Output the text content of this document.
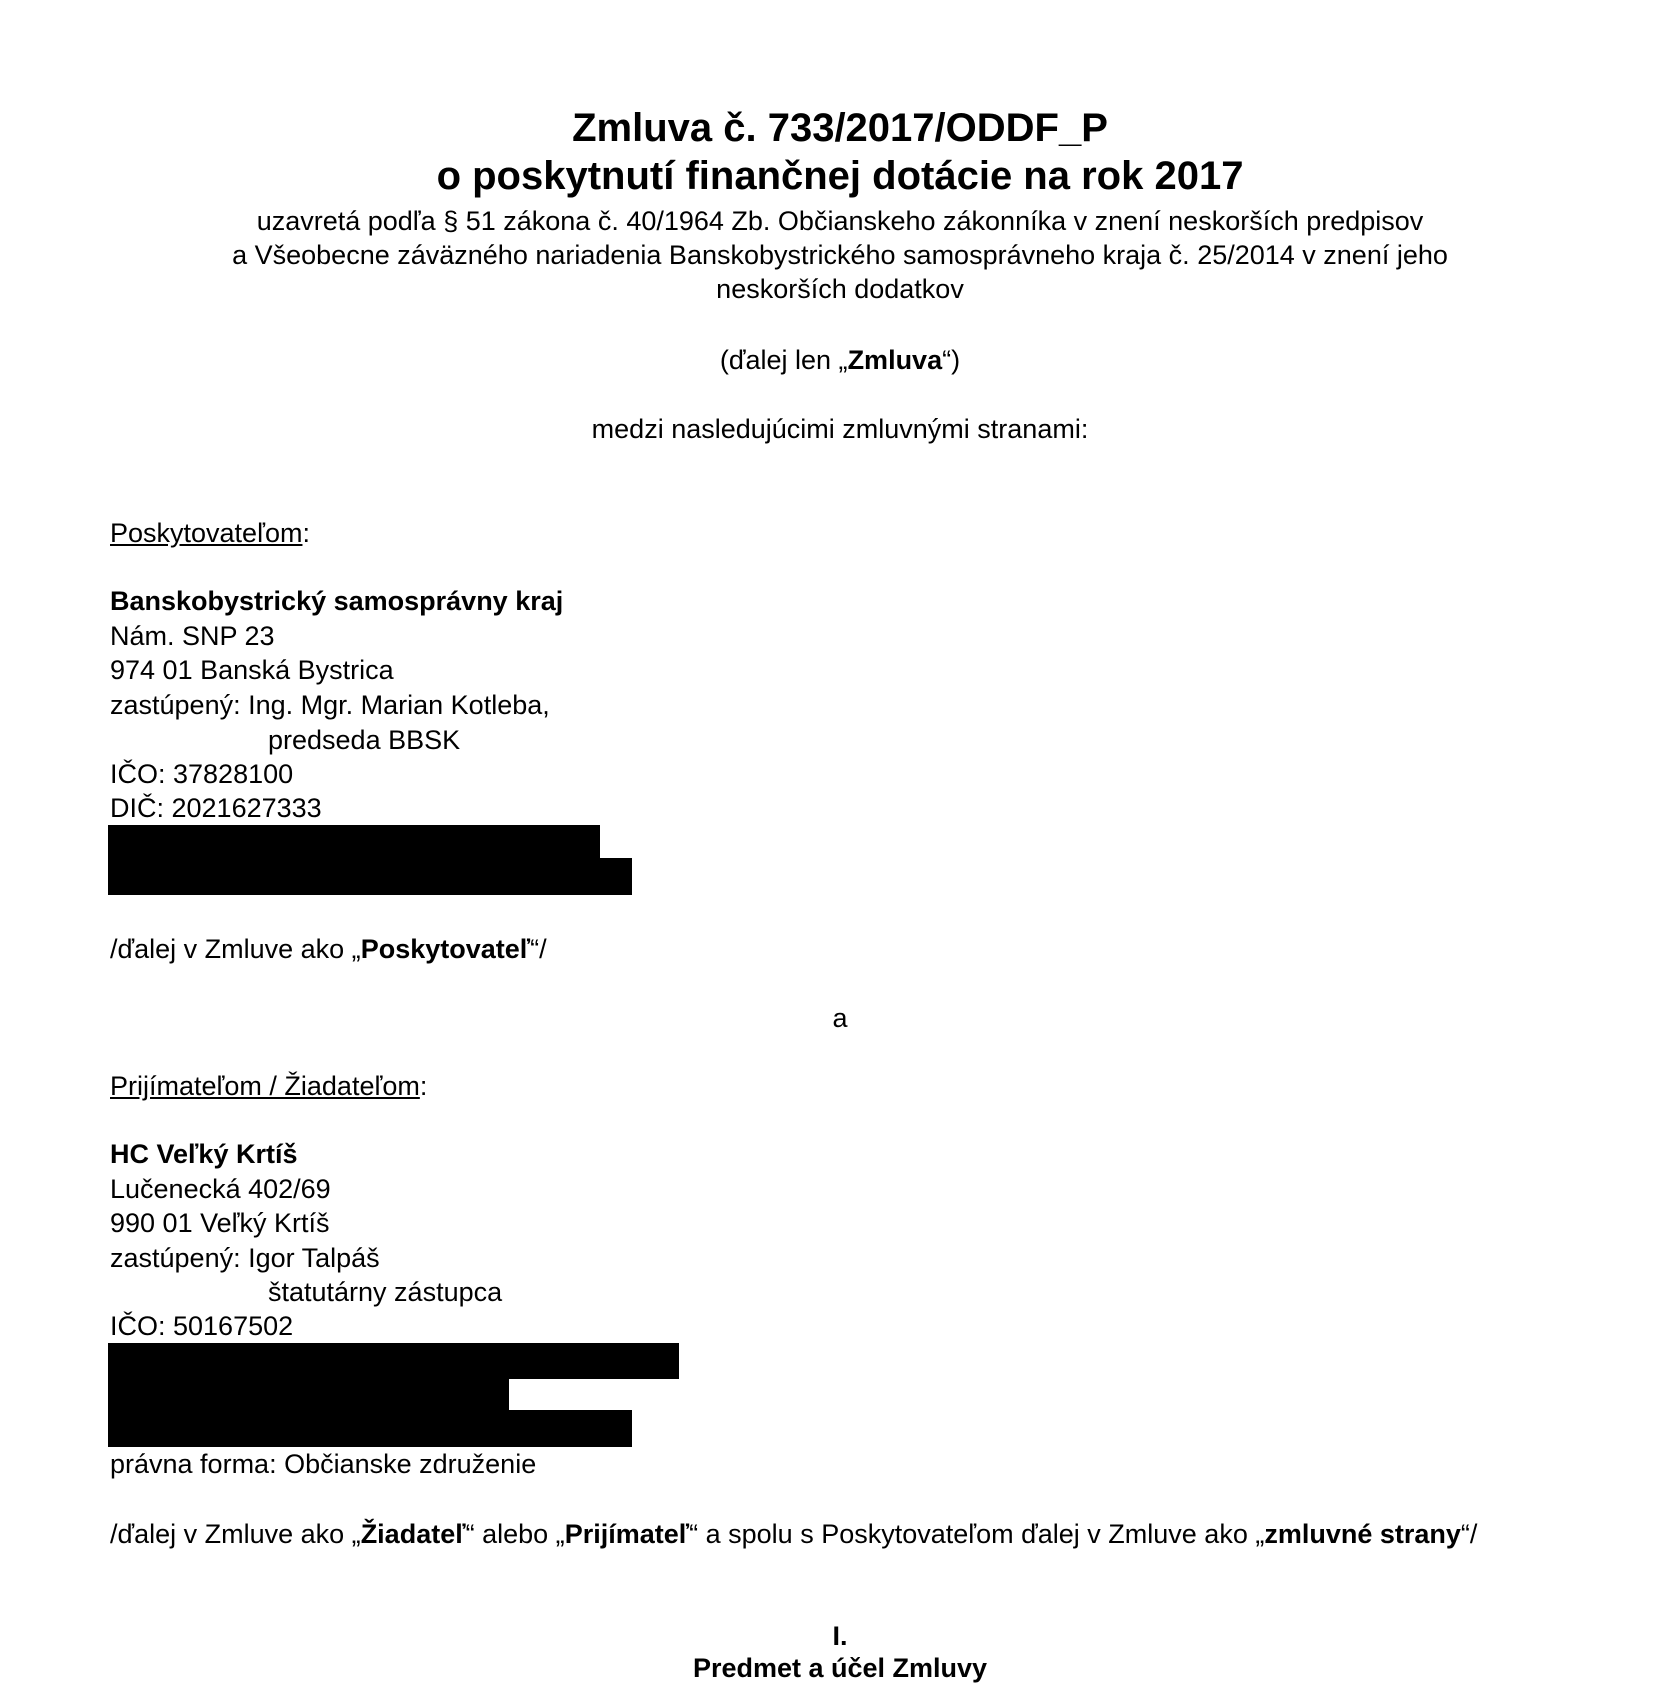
Zmluva č. 733/2017/ODDF_P
o poskytnutí finančnej dotácie na rok 2017
uzavretá podľa § 51 zákona č. 40/1964 Zb. Občianskeho zákonníka v znení neskorších predpisov
a Všeobecne záväzného nariadenia Banskobystrického samosprávneho kraja č. 25/2014 v znení jeho
neskorších dodatkov
(ďalej len „Zmluva“)
medzi nasledujúcimi zmluvnými stranami:
Poskytovateľom:
Banskobystrický samosprávny kraj
Nám. SNP 23
974 01 Banská Bystrica
zastúpený: Ing. Mgr. Marian Kotleba,
predseda BBSK
IČO: 37828100
DIČ: 2021627333
/ďalej v Zmluve ako „Poskytovateľ“/
a
Prijímateľom / Žiadateľom:
HC Veľký Krtíš
Lučenecká 402/69
990 01 Veľký Krtíš
zastúpený: Igor Talpáš
štatutárny zástupca
IČO: 50167502
právna forma: Občianske združenie
/ďalej v Zmluve ako „Žiadateľ“ alebo „Prijímateľ“ a spolu s Poskytovateľom ďalej v Zmluve ako „zmluvné strany“/
I.
Predmet a účel Zmluvy
